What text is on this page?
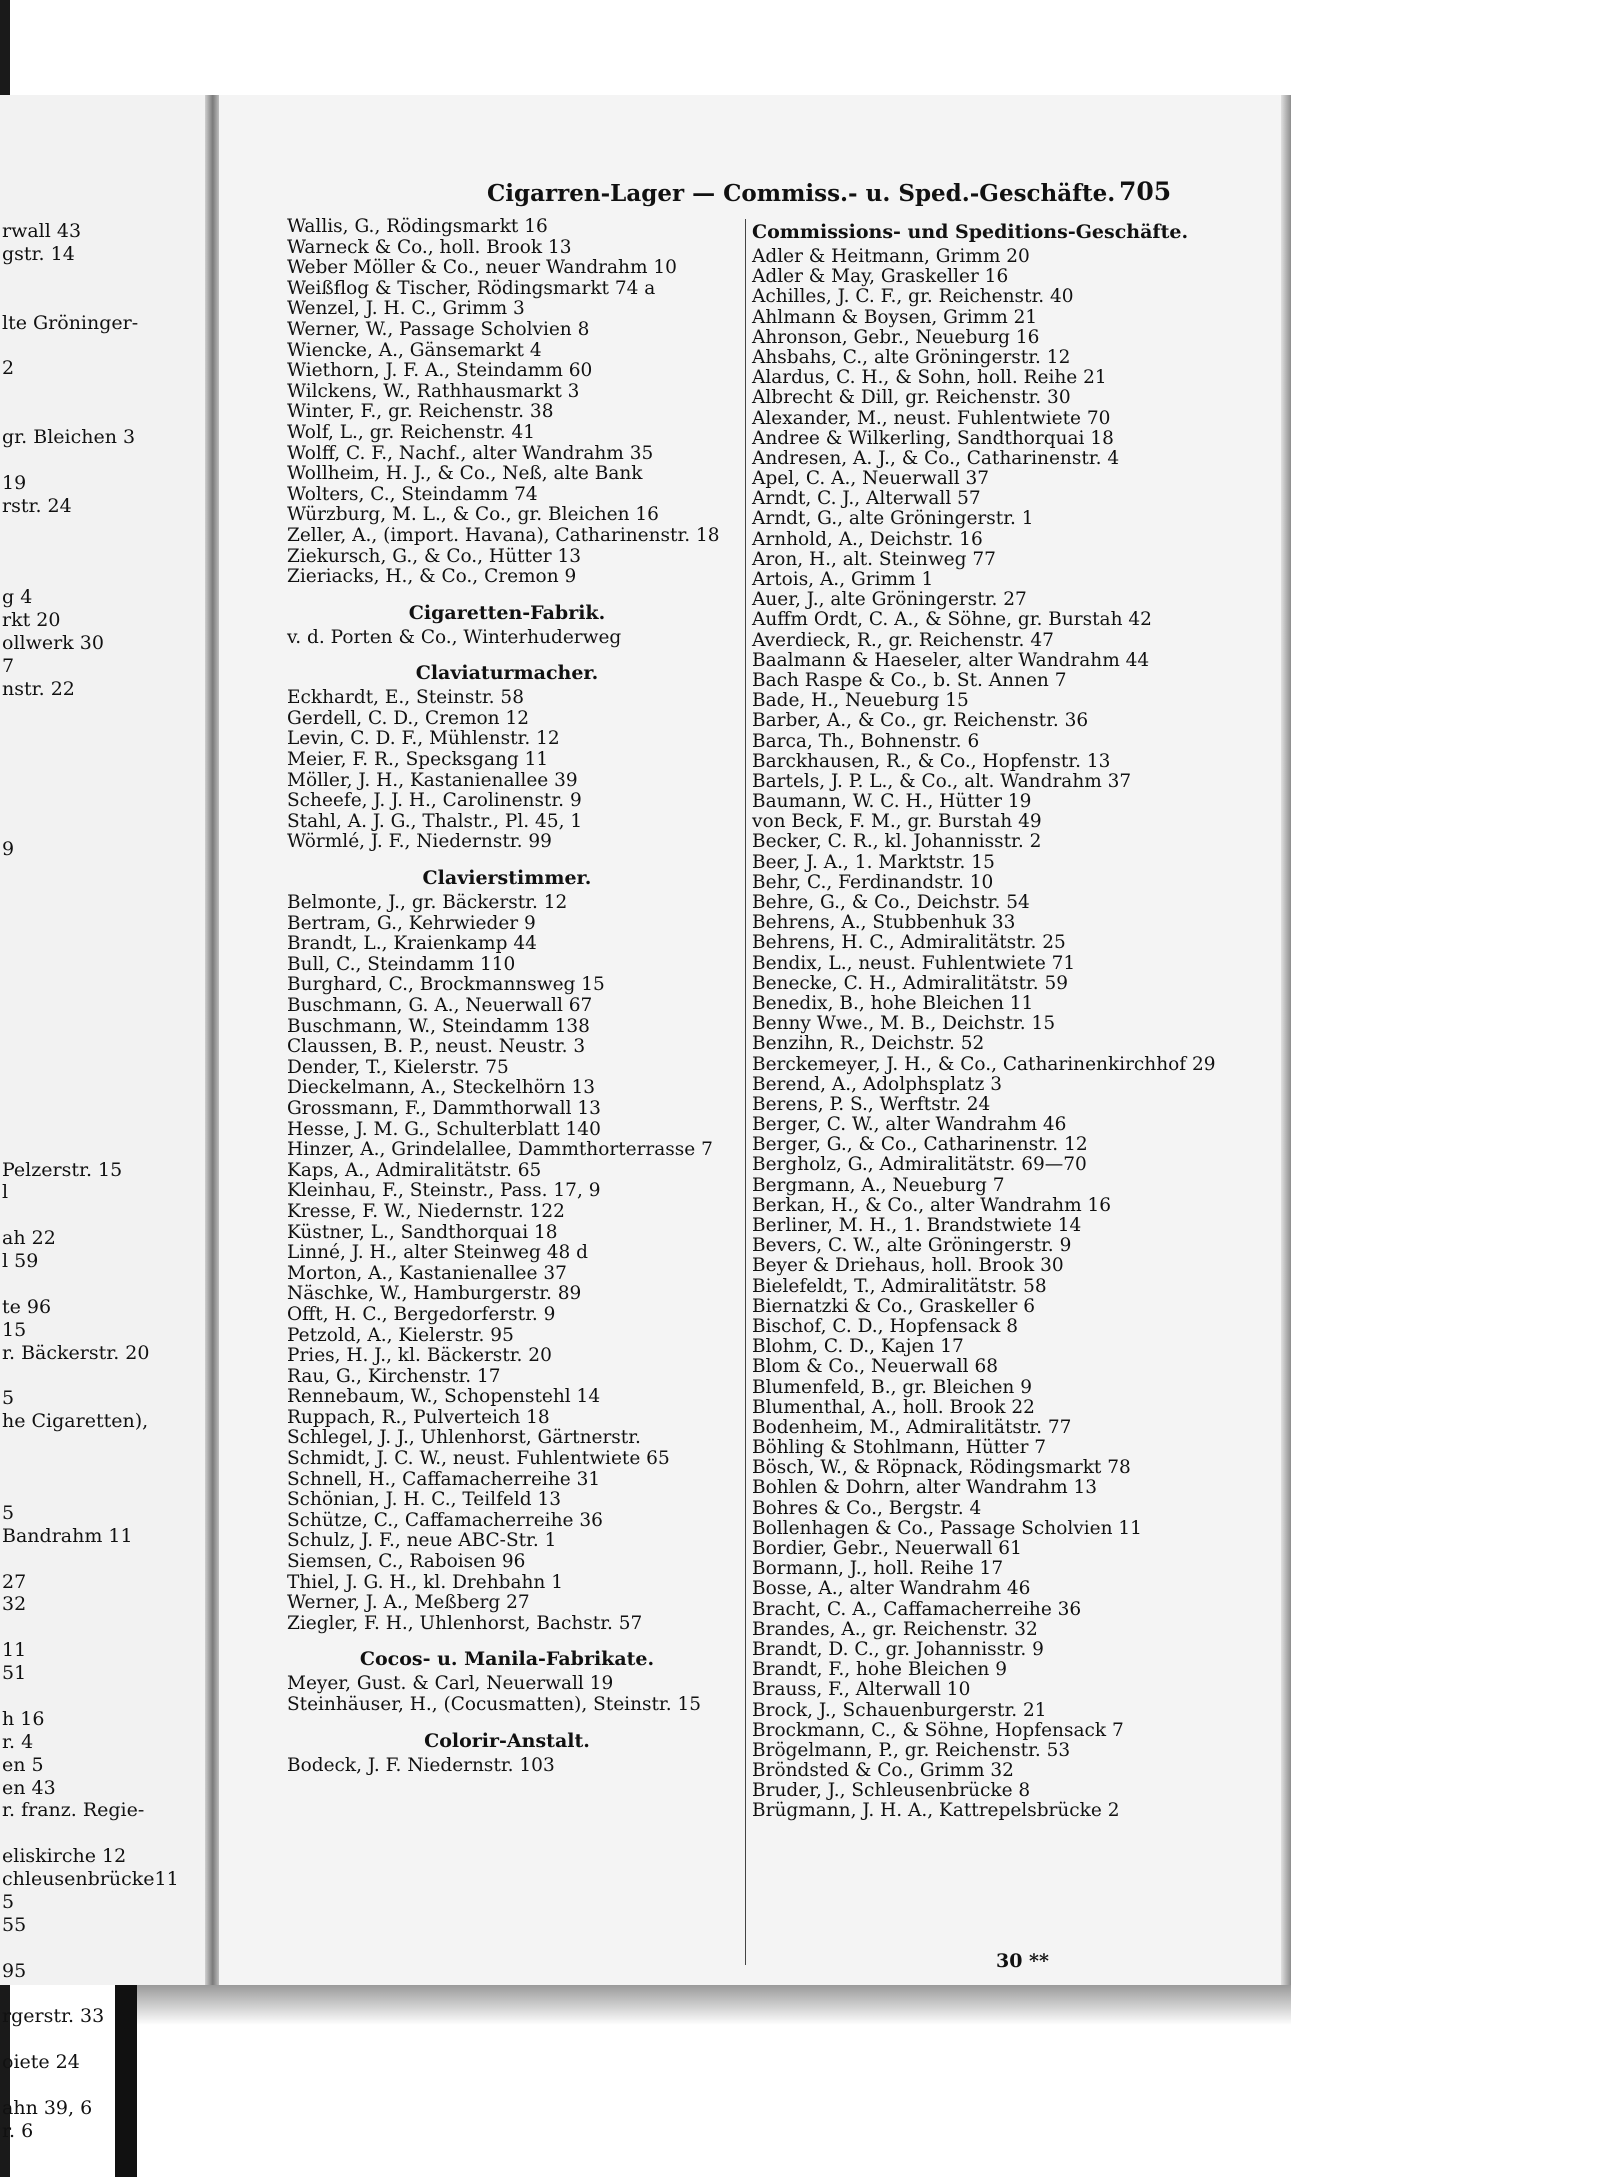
rwall 43
gstr. 14
lte Gröninger-
2
gr. Bleichen 3
19
rstr. 24
g 4
rkt 20
ollwerk 30
7
nstr. 22
9
Pelzerstr. 15
l
ah 22
l 59
te 96
15
r. Bäckerstr. 20
5
he Cigaretten),
5
Bandrahm 11
27
32
11
51
h 16
r. 4
en 5
en 43
r. franz. Regie-
eliskirche 12
chleusenbrücke11
5
55
95
rgerstr. 33
oiete 24
ahn 39, 6
r. 6
Cigarren-Lager — Commiss.- u. Sped.-Geschäfte. 705
Wallis, G., Rödingsmarkt 16
Warneck & Co., holl. Brook 13
Weber Möller & Co., neuer Wandrahm 10
Weißflog & Tischer, Rödingsmarkt 74 a
Wenzel, J. H. C., Grimm 3
Werner, W., Passage Scholvien 8
Wiencke, A., Gänsemarkt 4
Wiethorn, J. F. A., Steindamm 60
Wilckens, W., Rathhausmarkt 3
Winter, F., gr. Reichenstr. 38
Wolf, L., gr. Reichenstr. 41
Wolff, C. F., Nachf., alter Wandrahm 35
Wollheim, H. J., & Co., Neß, alte Bank
Wolters, C., Steindamm 74
Würzburg, M. L., & Co., gr. Bleichen 16
Zeller, A., (import. Havana), Catharinenstr. 18
Ziekursch, G., & Co., Hütter 13
Zieriacks, H., & Co., Cremon 9
Cigaretten-Fabrik.
v. d. Porten & Co., Winterhuderweg
Claviaturmacher.
Eckhardt, E., Steinstr. 58
Gerdell, C. D., Cremon 12
Levin, C. D. F., Mühlenstr. 12
Meier, F. R., Specksgang 11
Möller, J. H., Kastanienallee 39
Scheefe, J. J. H., Carolinenstr. 9
Stahl, A. J. G., Thalstr., Pl. 45, 1
Wörmlé, J. F., Niedernstr. 99
Clavierstimmer.
Belmonte, J., gr. Bäckerstr. 12
Bertram, G., Kehrwieder 9
Brandt, L., Kraienkamp 44
Bull, C., Steindamm 110
Burghard, C., Brockmannsweg 15
Buschmann, G. A., Neuerwall 67
Buschmann, W., Steindamm 138
Claussen, B. P., neust. Neustr. 3
Dender, T., Kielerstr. 75
Dieckelmann, A., Steckelhörn 13
Grossmann, F., Dammthorwall 13
Hesse, J. M. G., Schulterblatt 140
Hinzer, A., Grindelallee, Dammthorterrasse 7
Kaps, A., Admiralitätstr. 65
Kleinhau, F., Steinstr., Pass. 17, 9
Kresse, F. W., Niedernstr. 122
Küstner, L., Sandthorquai 18
Linné, J. H., alter Steinweg 48 d
Morton, A., Kastanienallee 37
Näschke, W., Hamburgerstr. 89
Offt, H. C., Bergedorferstr. 9
Petzold, A., Kielerstr. 95
Pries, H. J., kl. Bäckerstr. 20
Rau, G., Kirchenstr. 17
Rennebaum, W., Schopenstehl 14
Ruppach, R., Pulverteich 18
Schlegel, J. J., Uhlenhorst, Gärtnerstr.
Schmidt, J. C. W., neust. Fuhlentwiete 65
Schnell, H., Caffamacherreihe 31
Schönian, J. H. C., Teilfeld 13
Schütze, C., Caffamacherreihe 36
Schulz, J. F., neue ABC-Str. 1
Siemsen, C., Raboisen 96
Thiel, J. G. H., kl. Drehbahn 1
Werner, J. A., Meßberg 27
Ziegler, F. H., Uhlenhorst, Bachstr. 57
Cocos- u. Manila-Fabrikate.
Meyer, Gust. & Carl, Neuerwall 19
Steinhäuser, H., (Cocusmatten), Steinstr. 15
Colorir-Anstalt.
Bodeck, J. F. Niedernstr. 103
Commissions- und Speditions-Geschäfte.
Adler & Heitmann, Grimm 20
Adler & May, Graskeller 16
Achilles, J. C. F., gr. Reichenstr. 40
Ahlmann & Boysen, Grimm 21
Ahronson, Gebr., Neueburg 16
Ahsbahs, C., alte Gröningerstr. 12
Alardus, C. H., & Sohn, holl. Reihe 21
Albrecht & Dill, gr. Reichenstr. 30
Alexander, M., neust. Fuhlentwiete 70
Andree & Wilkerling, Sandthorquai 18
Andresen, A. J., & Co., Catharinenstr. 4
Apel, C. A., Neuerwall 37
Arndt, C. J., Alterwall 57
Arndt, G., alte Gröningerstr. 1
Arnhold, A., Deichstr. 16
Aron, H., alt. Steinweg 77
Artois, A., Grimm 1
Auer, J., alte Gröningerstr. 27
Auffm Ordt, C. A., & Söhne, gr. Burstah 42
Averdieck, R., gr. Reichenstr. 47
Baalmann & Haeseler, alter Wandrahm 44
Bach Raspe & Co., b. St. Annen 7
Bade, H., Neueburg 15
Barber, A., & Co., gr. Reichenstr. 36
Barca, Th., Bohnenstr. 6
Barckhausen, R., & Co., Hopfenstr. 13
Bartels, J. P. L., & Co., alt. Wandrahm 37
Baumann, W. C. H., Hütter 19
von Beck, F. M., gr. Burstah 49
Becker, C. R., kl. Johannisstr. 2
Beer, J. A., 1. Marktstr. 15
Behr, C., Ferdinandstr. 10
Behre, G., & Co., Deichstr. 54
Behrens, A., Stubbenhuk 33
Behrens, H. C., Admiralitätstr. 25
Bendix, L., neust. Fuhlentwiete 71
Benecke, C. H., Admiralitätstr. 59
Benedix, B., hohe Bleichen 11
Benny Wwe., M. B., Deichstr. 15
Benzihn, R., Deichstr. 52
Berckemeyer, J. H., & Co., Catharinenkirchhof 29
Berend, A., Adolphsplatz 3
Berens, P. S., Werftstr. 24
Berger, C. W., alter Wandrahm 46
Berger, G., & Co., Catharinenstr. 12
Bergholz, G., Admiralitätstr. 69—70
Bergmann, A., Neueburg 7
Berkan, H., & Co., alter Wandrahm 16
Berliner, M. H., 1. Brandstwiete 14
Bevers, C. W., alte Gröningerstr. 9
Beyer & Driehaus, holl. Brook 30
Bielefeldt, T., Admiralitätstr. 58
Biernatzki & Co., Graskeller 6
Bischof, C. D., Hopfensack 8
Blohm, C. D., Kajen 17
Blom & Co., Neuerwall 68
Blumenfeld, B., gr. Bleichen 9
Blumenthal, A., holl. Brook 22
Bodenheim, M., Admiralitätstr. 77
Böhling & Stohlmann, Hütter 7
Bösch, W., & Röpnack, Rödingsmarkt 78
Bohlen & Dohrn, alter Wandrahm 13
Bohres & Co., Bergstr. 4
Bollenhagen & Co., Passage Scholvien 11
Bordier, Gebr., Neuerwall 61
Bormann, J., holl. Reihe 17
Bosse, A., alter Wandrahm 46
Bracht, C. A., Caffamacherreihe 36
Brandes, A., gr. Reichenstr. 32
Brandt, D. C., gr. Johannisstr. 9
Brandt, F., hohe Bleichen 9
Brauss, F., Alterwall 10
Brock, J., Schauenburgerstr. 21
Brockmann, C., & Söhne, Hopfensack 7
Brögelmann, P., gr. Reichenstr. 53
Bröndsted & Co., Grimm 32
Bruder, J., Schleusenbrücke 8
Brügmann, J. H. A., Kattrepelsbrücke 2
30 **
